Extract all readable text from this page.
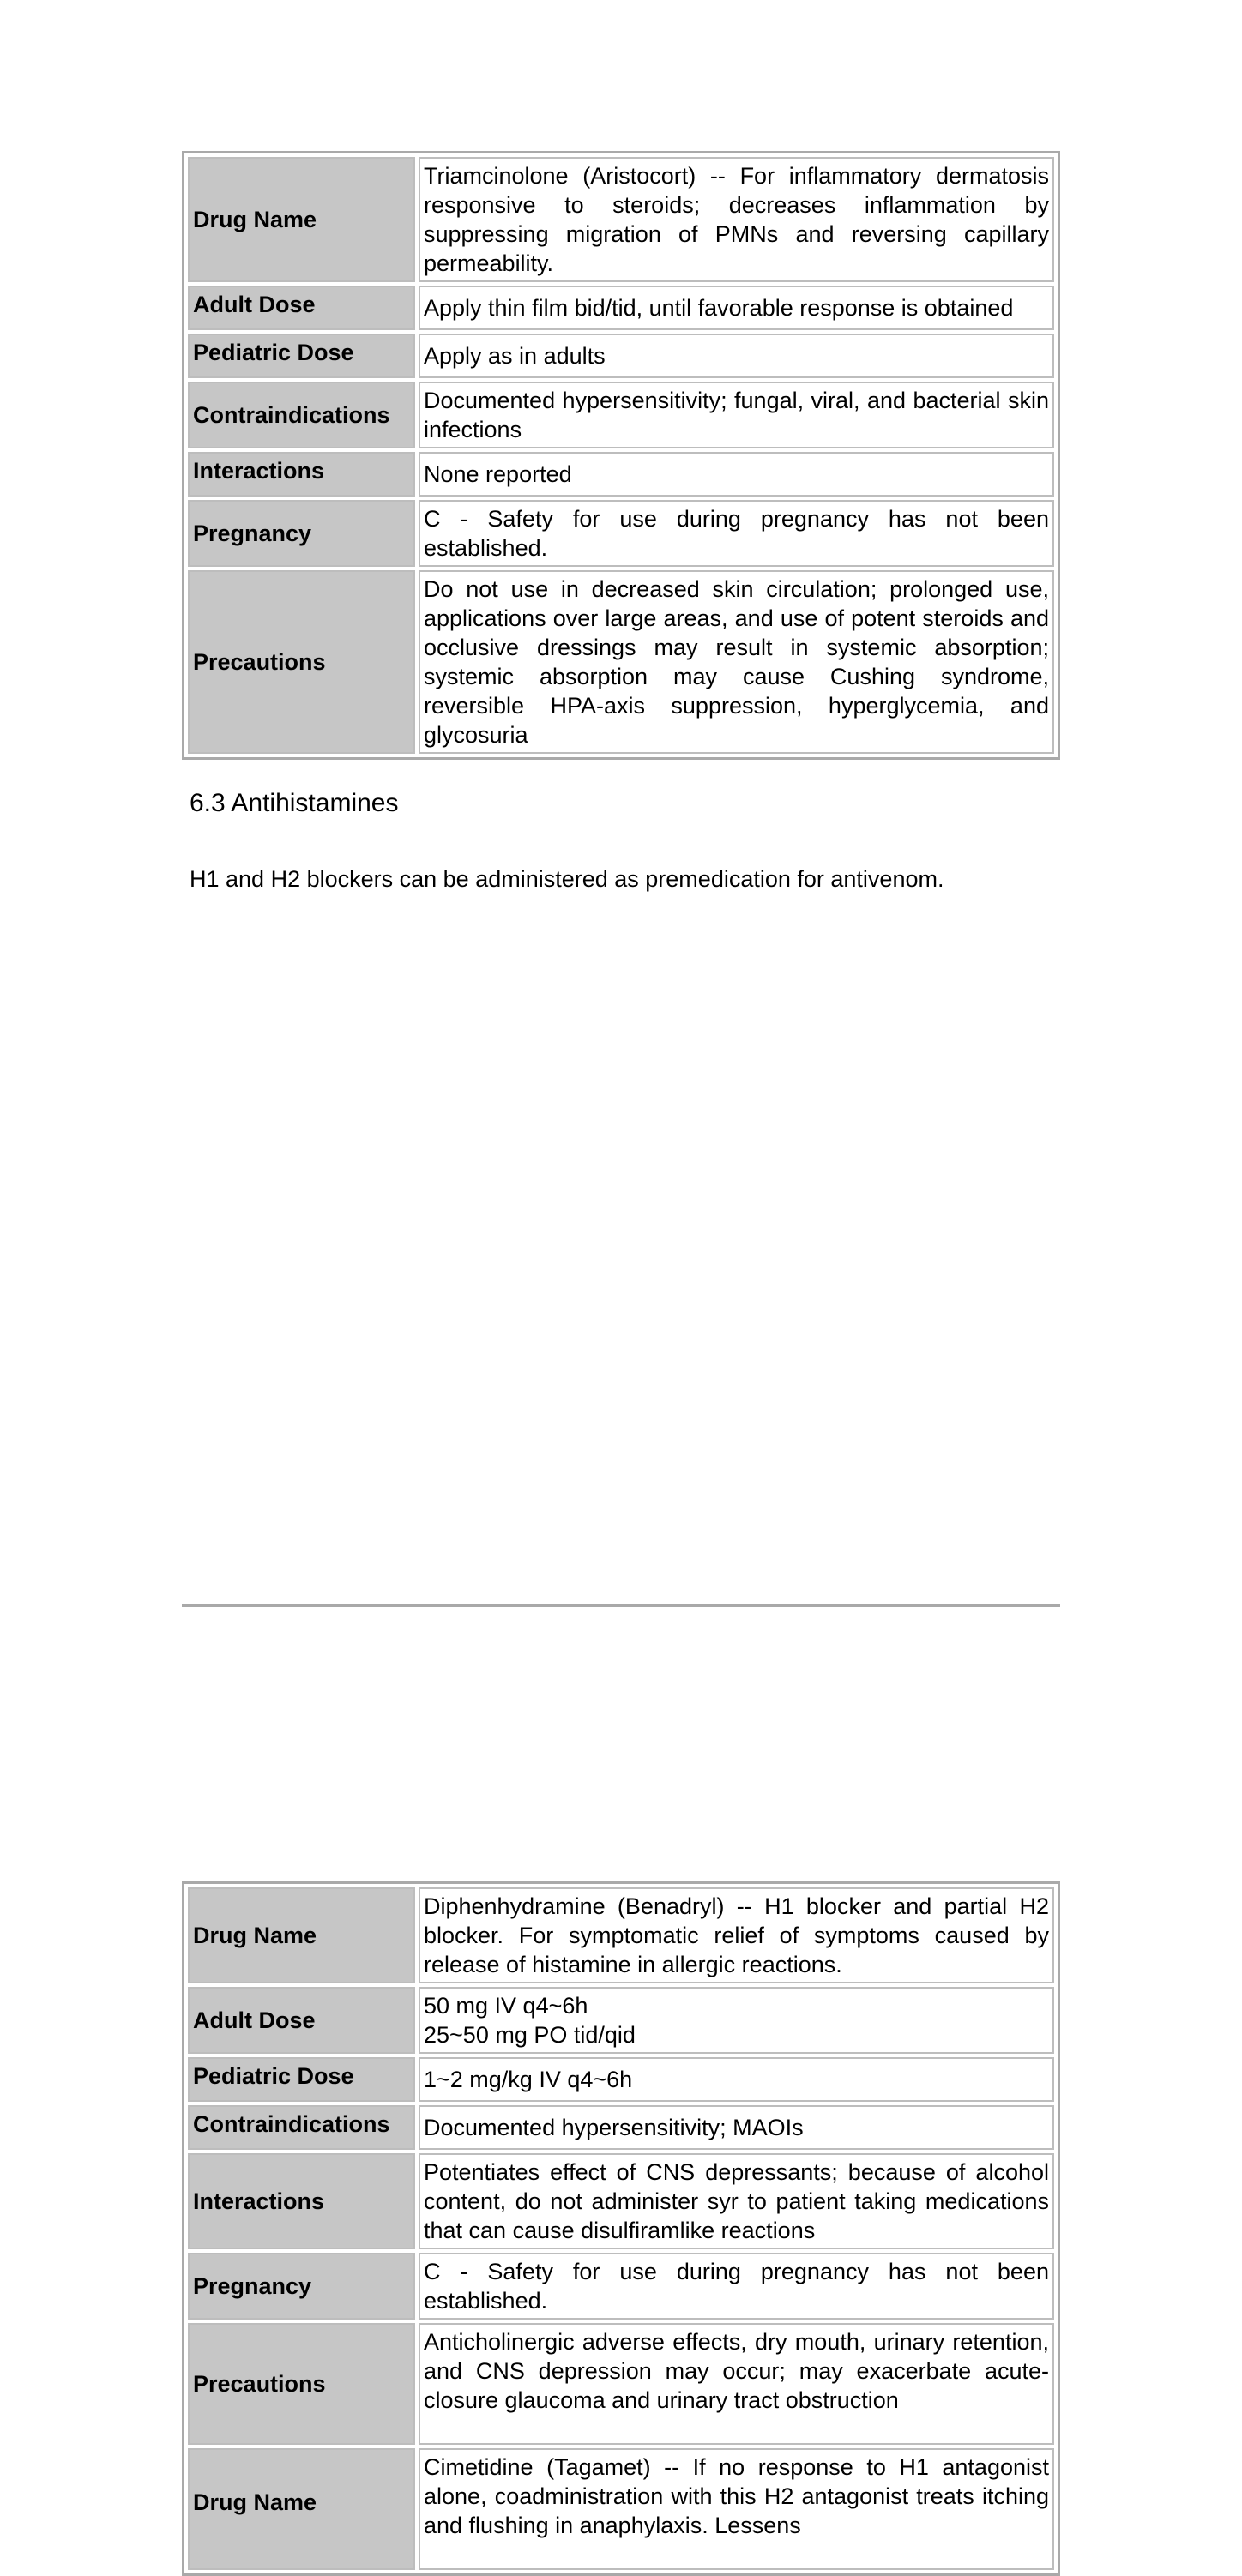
Drug Name	Triamcinolone (Aristocort) -- For inflammatory dermatosis responsive to steroids; decreases inflammation by suppressing migration of PMNs and reversing capillary permeability.
Adult Dose	Apply thin film bid/tid, until favorable response is obtained
Pediatric Dose	Apply as in adults
Contraindications	Documented hypersensitivity; fungal, viral, and bacterial skin infections
Interactions	None reported
Pregnancy	C - Safety for use during pregnancy has not been established.
Precautions	Do not use in decreased skin circulation; prolonged use, applications over large areas, and use of potent steroids and occlusive dressings may result in systemic absorption; systemic absorption may cause Cushing syndrome, reversible HPA-axis suppression, hyperglycemia, and glycosuria
6.3 Antihistamines

H1 and H2 blockers can be administered as premedication for antivenom.

Drug Name	Diphenhydramine (Benadryl) -- H1 blocker and partial H2 blocker. For symptomatic relief of symptoms caused by release of histamine in allergic reactions.
Adult Dose	50 mg IV q4~6h
25~50 mg PO tid/qid
Pediatric Dose	1~2 mg/kg IV q4~6h
Contraindications	Documented hypersensitivity; MAOIs
Interactions	Potentiates effect of CNS depressants; because of alcohol content, do not administer syr to patient taking medications that can cause disulfiramlike reactions
Pregnancy	C - Safety for use during pregnancy has not been established.
Precautions	Anticholinergic adverse effects, dry mouth, urinary retention, and CNS depression may occur; may exacerbate acute-closure glaucoma and urinary tract obstruction
Drug Name	Cimetidine (Tagamet) -- If no response to H1 antagonist alone, coadministration with this H2 antagonist treats itching and flushing in anaphylaxis. Lessens
